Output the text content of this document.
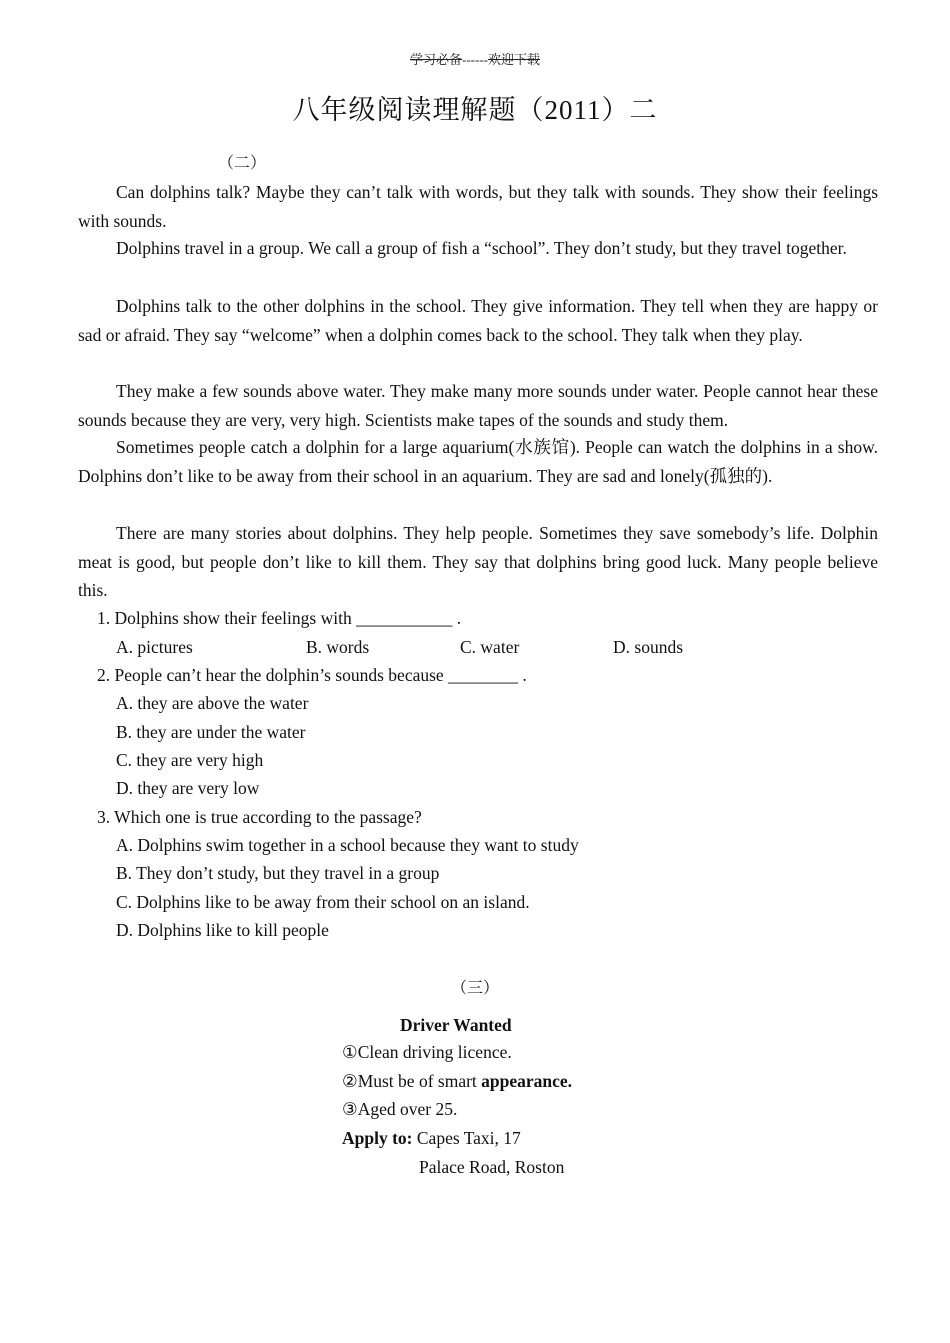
学习必备------欢迎下载
八年级阅读理解题（2011）二
（二）

Can dolphins talk? Maybe they can’t talk with words, but they talk with sounds. They show their feelings with sounds.

Dolphins travel in a group. We call a group of fish a “school”. They don’t study, but they travel together.

Dolphins talk to the other dolphins in the school. They give information. They tell when they are happy or sad or afraid. They say “welcome” when a dolphin comes back to the school. They talk when they play.

They make a few sounds above water. They make many more sounds under water. People cannot hear these sounds because they are very, very high. Scientists make tapes of the sounds and study them.

Sometimes people catch a dolphin for a large aquarium(水族馆). People can watch the dolphins in a show. Dolphins don’t like to be away from their school in an aquarium. They are sad and lonely(孤独的).

There are many stories about dolphins. They help people. Sometimes they save somebody’s life. Dolphin meat is good, but people don’t like to kill them. They say that dolphins bring good luck. Many people believe this.

1. Dolphins show their feelings with ___________ .
A. pictures	B. words	C. water	D. sounds
2. People can’t hear the dolphin’s sounds because ________ .
A. they are above the water
B. they are under the water
C. they are very high
D. they are very low
3. Which one is true according to the passage?
A. Dolphins swim together in a school because they want to study
B. They don’t study, but they travel in a group
C. Dolphins like to be away from their school on an island.
D. Dolphins like to kill people
（三）
Driver Wanted
①Clean driving licence.
②Must be of smart appearance.
③Aged over 25.
Apply to: Capes Taxi, 17
Palace Road, Roston
